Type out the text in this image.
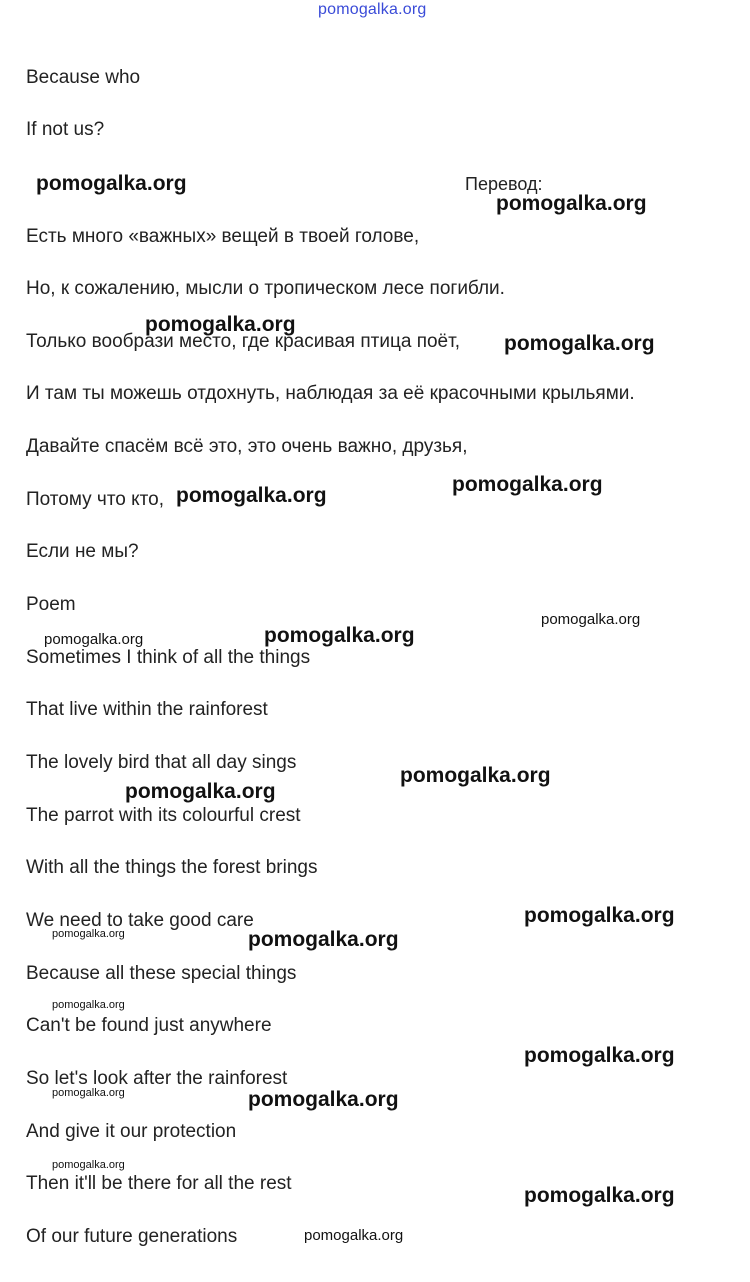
pomogalka.org
Because who
If not us?
Перевод:
Есть много «важных» вещей в твоей голове,
Но, к сожалению, мысли о тропическом лесе погибли.
Только вообрази место, где красивая птица поёт,
И там ты можешь отдохнуть, наблюдая за её красочными крыльями.
Давайте спасём всё это, это очень важно, друзья,
Потому что кто,
Если не мы?
Poem
Sometimes I think of all the things
That live within the rainforest
The lovely bird that all day sings
The parrot with its colourful crest
With all the things the forest brings
We need to take good care
Because all these special things
Can't be found just anywhere
So let's look after the rainforest
And give it our protection
Then it'll be there for all the rest
Of our future generations
pomogalka.org
pomogalka.org
pomogalka.org
pomogalka.org
pomogalka.org
pomogalka.org
pomogalka.org
pomogalka.org	pomogalka.org
pomogalka.org
pomogalka.org
pomogalka.org
pomogalka.org	pomogalka.org
pomogalka.org
pomogalka.org
pomogalka.org	pomogalka.org
pomogalka.org
pomogalka.org
pomogalka.org
